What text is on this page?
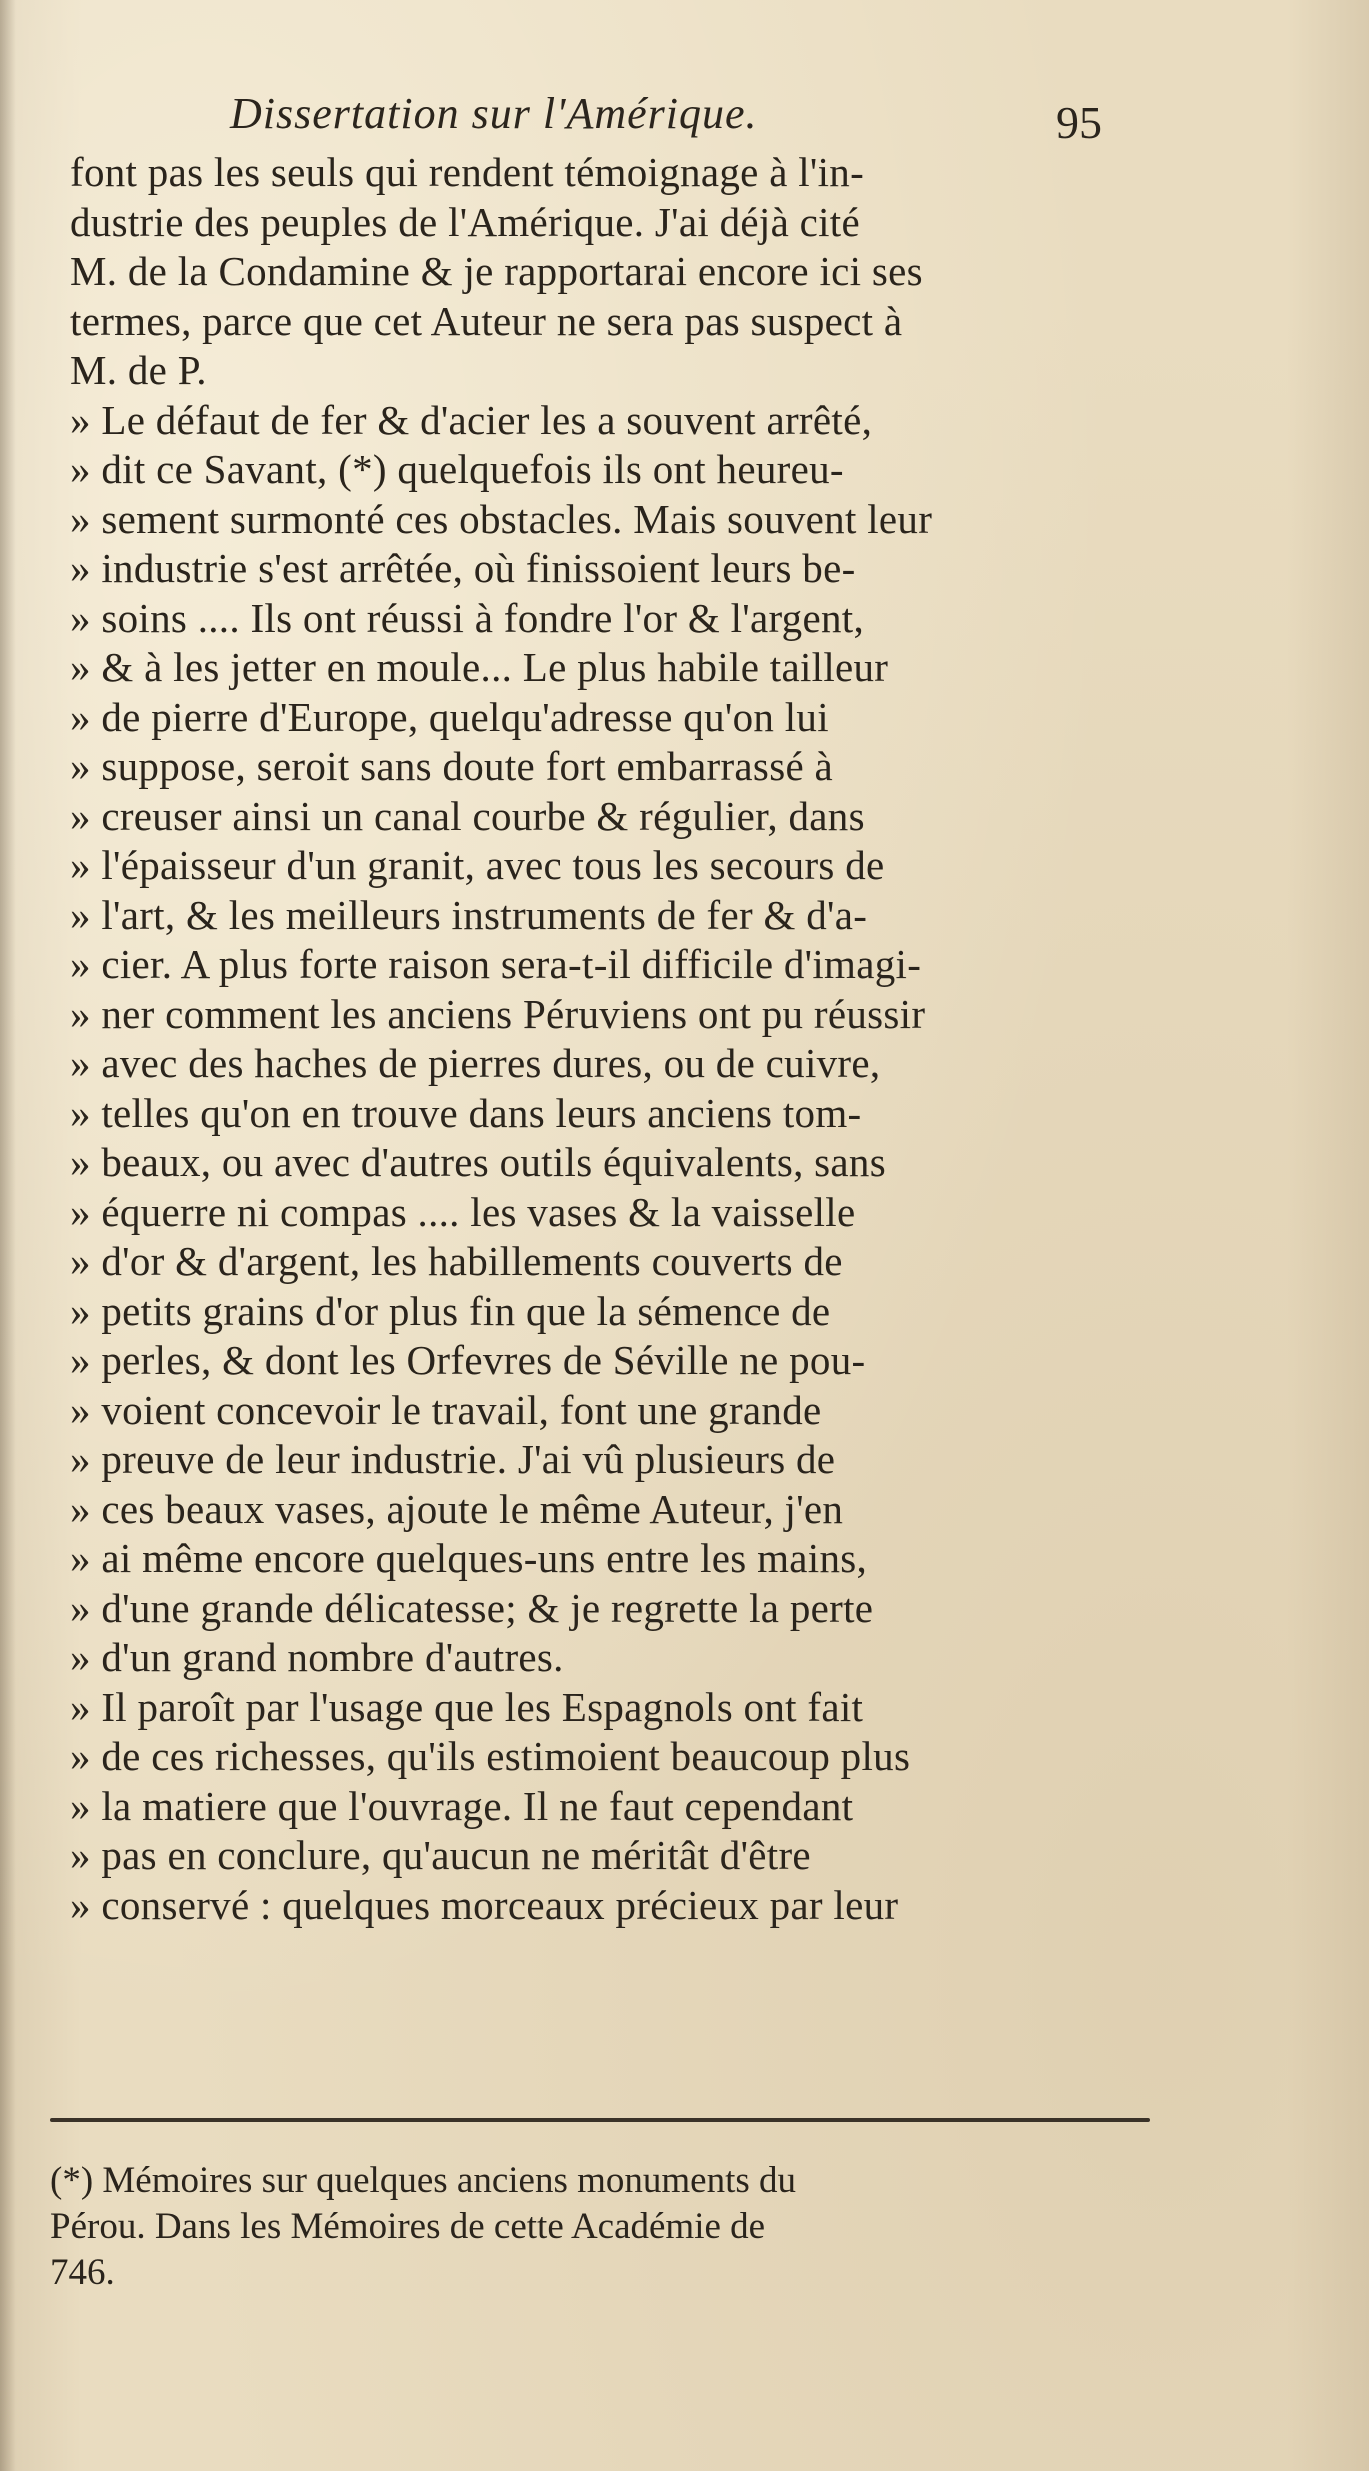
Dissertation sur l'Amérique.	95
font pas les seuls qui rendent témoignage à l'in-
dustrie des peuples de l'Amérique. J'ai déjà cité
M. de la Condamine & je rapportarai encore ici ses
termes, parce que cet Auteur ne sera pas suspect à
M. de P.
» Le défaut de fer & d'acier les a souvent arrêté,
» dit ce Savant, (*) quelquefois ils ont heureu-
» sement surmonté ces obstacles. Mais souvent leur
» industrie s'est arrêtée, où finissoient leurs be-
» soins .... Ils ont réussi à fondre l'or & l'argent,
» & à les jetter en moule... Le plus habile tailleur
» de pierre d'Europe, quelqu'adresse qu'on lui
» suppose, seroit sans doute fort embarrassé à
» creuser ainsi un canal courbe & régulier, dans
» l'épaisseur d'un granit, avec tous les secours de
» l'art, & les meilleurs instruments de fer & d'a-
» cier. A plus forte raison sera-t-il difficile d'imagi-
» ner comment les anciens Péruviens ont pu réussir
» avec des haches de pierres dures, ou de cuivre,
» telles qu'on en trouve dans leurs anciens tom-
» beaux, ou avec d'autres outils équivalents, sans
» équerre ni compas .... les vases & la vaisselle
» d'or & d'argent, les habillements couverts de
» petits grains d'or plus fin que la sémence de
» perles, & dont les Orfevres de Séville ne pou-
» voient concevoir le travail, font une grande
» preuve de leur industrie. J'ai vû plusieurs de
» ces beaux vases, ajoute le même Auteur, j'en
» ai même encore quelques-uns entre les mains,
» d'une grande délicatesse; & je regrette la perte
» d'un grand nombre d'autres.
» Il paroît par l'usage que les Espagnols ont fait
» de ces richesses, qu'ils estimoient beaucoup plus
» la matiere que l'ouvrage. Il ne faut cependant
» pas en conclure, qu'aucun ne méritât d'être
» conservé : quelques morceaux précieux par leur
(*) Mémoires sur quelques anciens monuments du
Pérou. Dans les Mémoires de cette Académie de
746.
